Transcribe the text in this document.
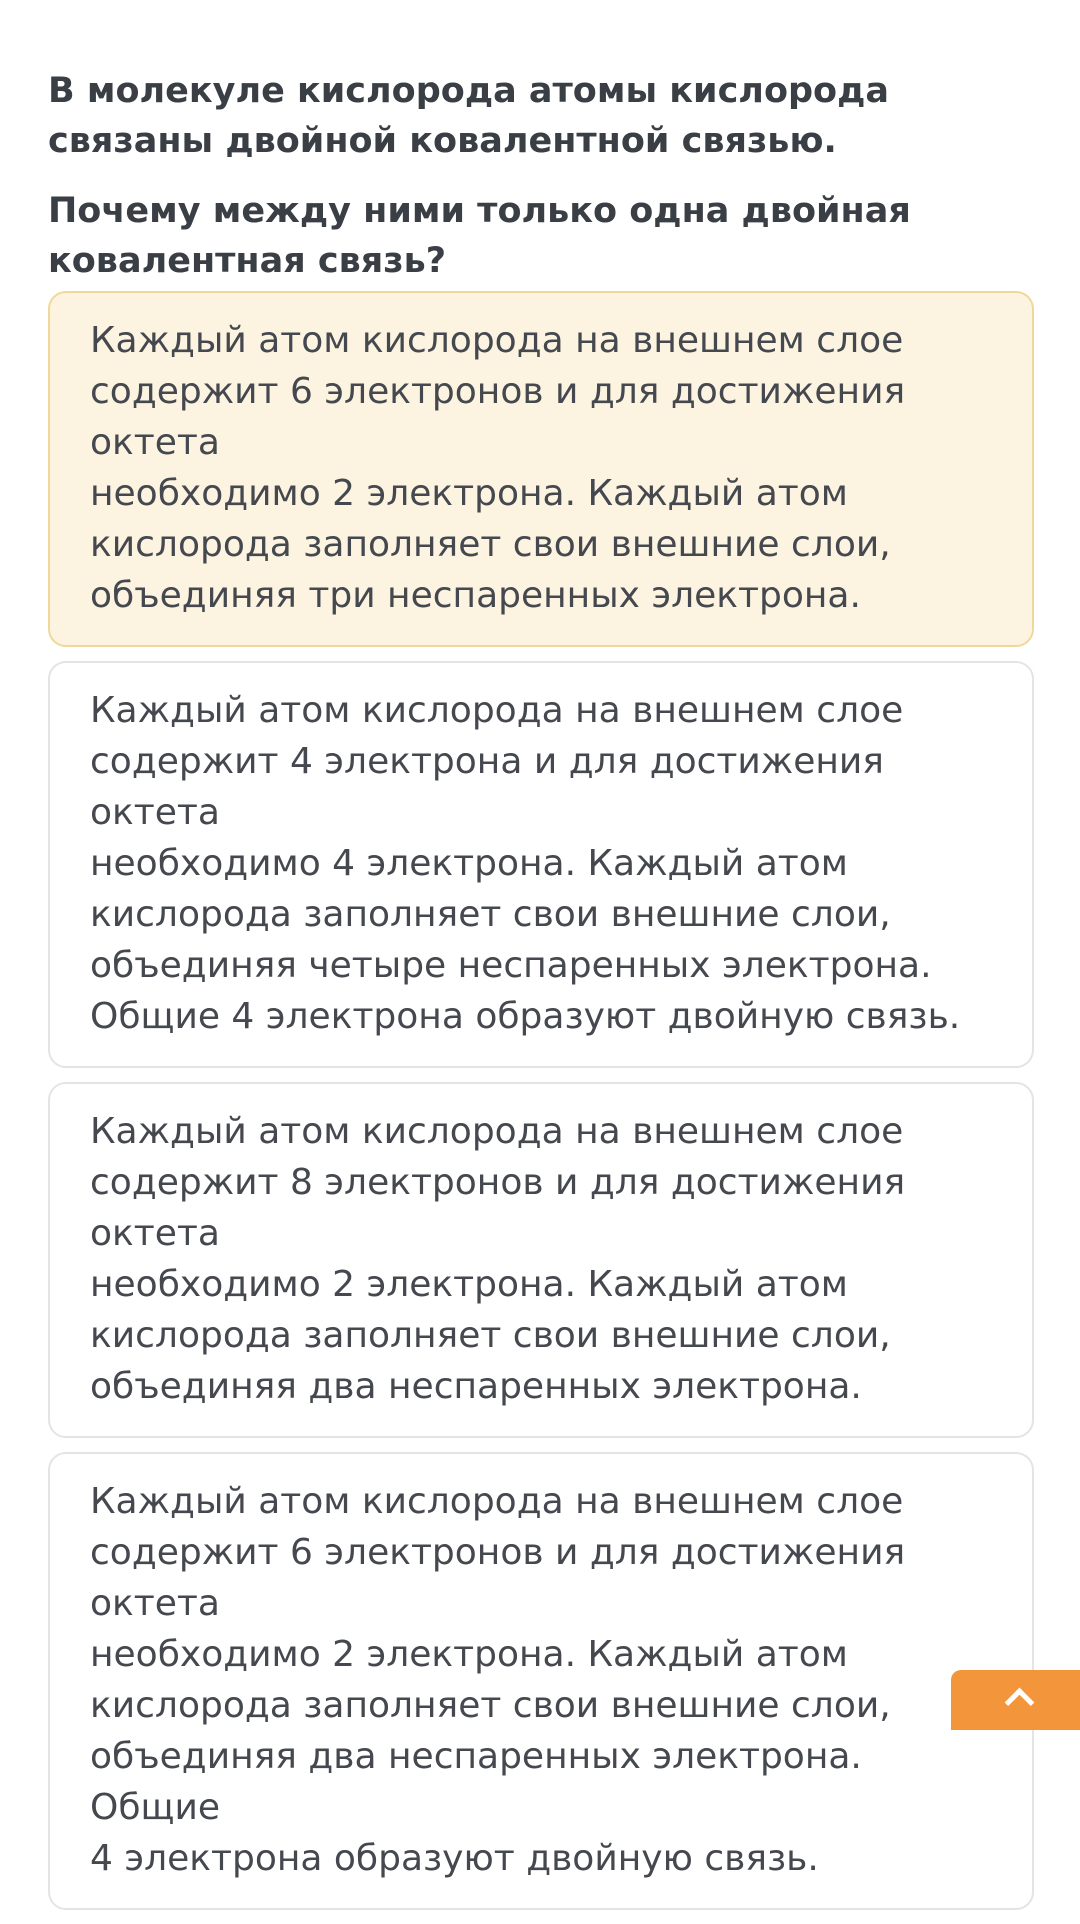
В молекуле кислорода атомы кислорода
связаны двойной ковалентной связью.

Почему между ними только одна двойная
ковалентная связь?

Каждый атом кислорода на внешнем слое
содержит 6 электронов и для достижения октета
необходимо 2 электрона. Каждый атом
кислорода заполняет свои внешние слои,
объединяя три неспаренных электрона.

Каждый атом кислорода на внешнем слое
содержит 4 электрона и для достижения октета
необходимо 4 электрона. Каждый атом
кислорода заполняет свои внешние слои,
объединяя четыре неспаренных электрона.
Общие 4 электрона образуют двойную связь.

Каждый атом кислорода на внешнем слое
содержит 8 электронов и для достижения октета
необходимо 2 электрона. Каждый атом
кислорода заполняет свои внешние слои,
объединяя два неспаренных электрона.

Каждый атом кислорода на внешнем слое
содержит 6 электронов и для достижения октета
необходимо 2 электрона. Каждый атом
кислорода заполняет свои внешние слои,
объединяя два неспаренных электрона. Общие
4 электрона образуют двойную связь.
